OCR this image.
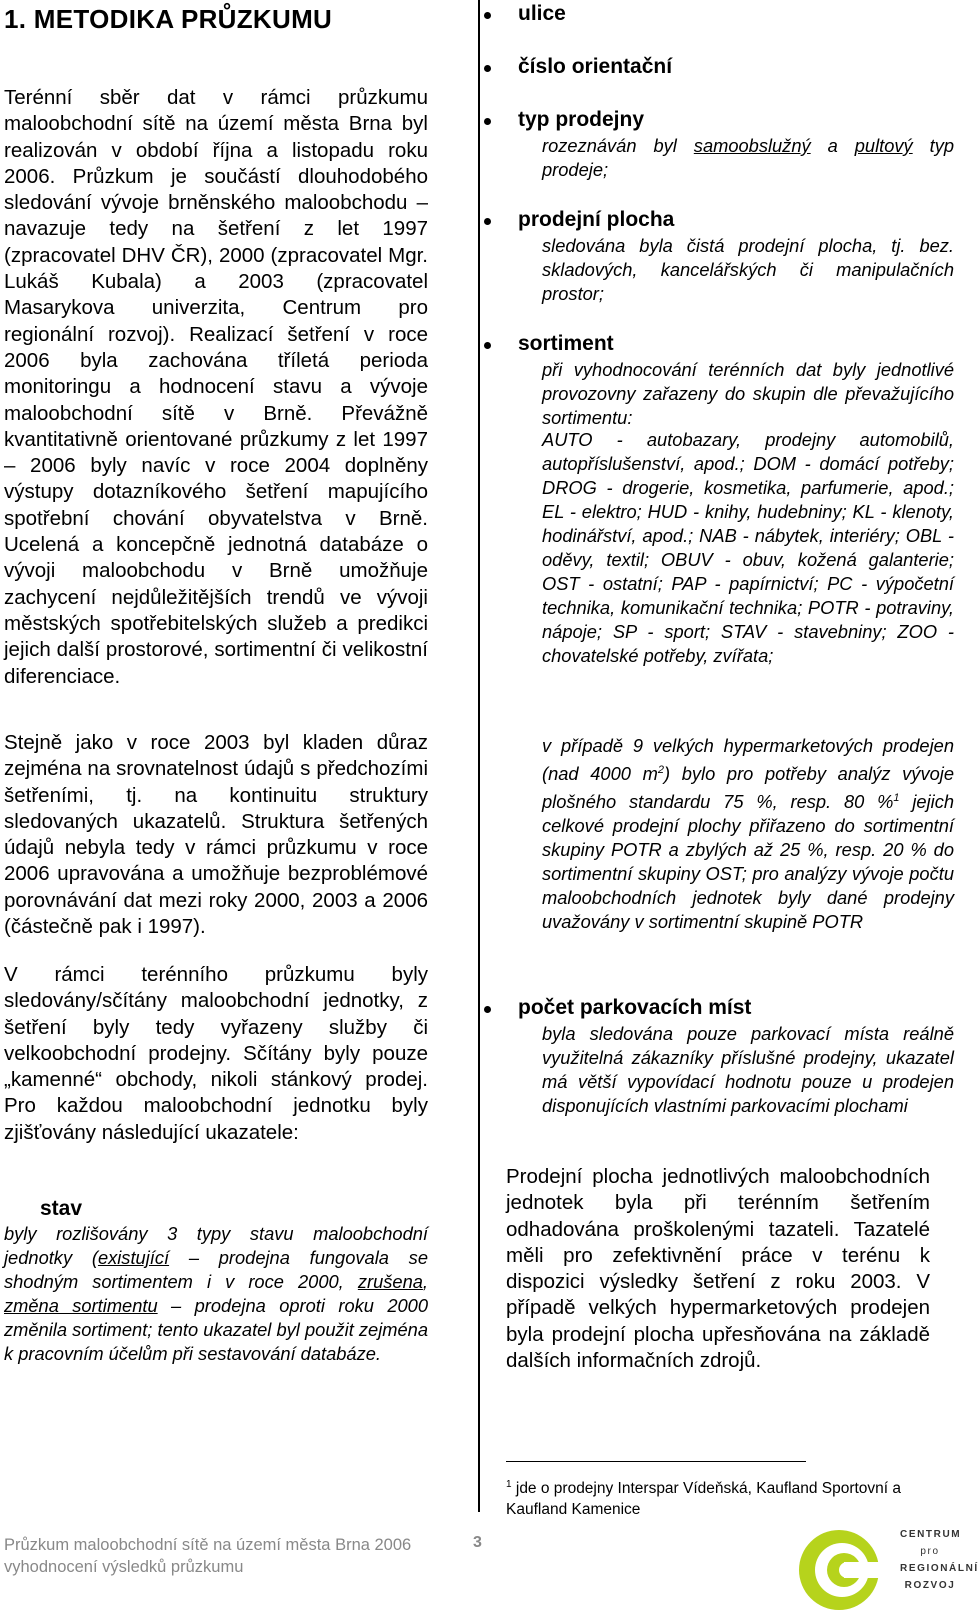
1. METODIKA PRŮZKUMU

Terénní sběr dat v rámci průzkumu maloobchodní sítě na území města Brna byl realizován v období října a listopadu roku 2006. Průzkum je součástí dlouhodobého sledování vývoje brněnského maloobchodu – navazuje tedy na šetření z let 1997 (zpracovatel DHV ČR), 2000 (zpracovatel Mgr. Lukáš Kubala) a 2003 (zpracovatel Masarykova univerzita, Centrum pro regionální rozvoj). Realizací šetření v roce 2006 byla zachována tříletá perioda monitoringu a hodnocení stavu a vývoje maloobchodní sítě v Brně. Převážně kvantitativně orientované průzkumy z let 1997 – 2006 byly navíc v roce 2004 doplněny výstupy dotazníkového šetření mapujícího spotřební chování obyvatelstva v Brně. Ucelená a koncepčně jednotná databáze o vývoji maloobchodu v Brně umožňuje zachycení nejdůležitějších trendů ve vývoji městských spotřebitelských služeb a predikci jejich další prostorové, sortimentní či velikostní diferenciace.

Stejně jako v roce 2003 byl kladen důraz zejména na srovnatelnost údajů s předchozími šetřeními, tj. na kontinuitu struktury sledovaných ukazatelů. Struktura šetřených údajů nebyla tedy v rámci průzkumu v roce 2006 upravována a umožňuje bezproblémové porovnávání dat mezi roky 2000, 2003 a 2006 (částečně pak i 1997).

V rámci terénního průzkumu byly sledovány/sčítány maloobchodní jednotky, z šetření byly tedy vyřazeny služby či velkoobchodní prodejny. Sčítány byly pouze „kamenné“ obchody, nikoli stánkový prodej. Pro každou maloobchodní jednotku byly zjišťovány následující ukazatele:

stav

byly rozlišovány 3 typy stavu maloobchodní jednotky (existující – prodejna fungovala se shodným sortimentem i v roce 2000, zrušena, změna sortimentu – prodejna oproti roku 2000 změnila sortiment; tento ukazatel byl použit zejména k pracovním účelům při sestavování databáze.

ulice
číslo orientační
typ prodejny

rozeznáván byl samoobslužný a pultový typ prodeje;

prodejní plocha

sledována byla čistá prodejní plocha, tj. bez. skladových, kancelářských či manipulačních prostor;

sortiment

při vyhodnocování terénních dat byly jednotlivé provozovny zařazeny do skupin dle převažujícího sortimentu:

AUTO - autobazary, prodejny automobilů, autopříslušenství, apod.; DOM - domácí potřeby; DROG - drogerie, kosmetika, parfumerie, apod.; EL - elektro; HUD - knihy, hudebniny; KL - klenoty, hodinářství, apod.; NAB - nábytek, interiéry; OBL - oděvy, textil; OBUV - obuv, kožená galanterie; OST - ostatní; PAP - papírnictví; PC - výpočetní technika, komunikační technika; POTR - potraviny, nápoje; SP - sport; STAV - stavebniny; ZOO - chovatelské potřeby, zvířata;

v případě 9 velkých hypermarketových prodejen (nad 4000 $m^2$) bylo pro potřeby analýz vývoje plošného standardu 75 %, resp. 80 %$^1$ jejich celkové prodejní plochy přiřazeno do sortimentní skupiny POTR a zbylých až 25 %, resp. 20 % do sortimentní skupiny OST; pro analýzy vývoje počtu maloobchodních jednotek byly dané prodejny uvažovány v sortimentní skupině POTR

počet parkovacích míst

byla sledována pouze parkovací místa reálně využitelná zákazníky příslušné prodejny, ukazatel má větší vypovídací hodnotu pouze u prodejen disponujících vlastními parkovacími plochami

Prodejní plocha jednotlivých maloobchodních jednotek byla při terénním šetřením odhadována proškolenými tazateli. Tazatelé měli pro zefektivnění práce v terénu k dispozici výsledky šetření z roku 2003. V případě velkých hypermarketových prodejen byla prodejní plocha upřesňována na základě dalších informačních zdrojů.

$^1$ jde o prodejny Interspar Vídeňská, Kaufland Sportovní a Kaufland Kamenice

Průzkum maloobchodní sítě na území města Brna 2006
vyhodnocení výsledků průzkumu
3	CENTRUM
pro
REGIONÁLNÍ
ROZVOJ
